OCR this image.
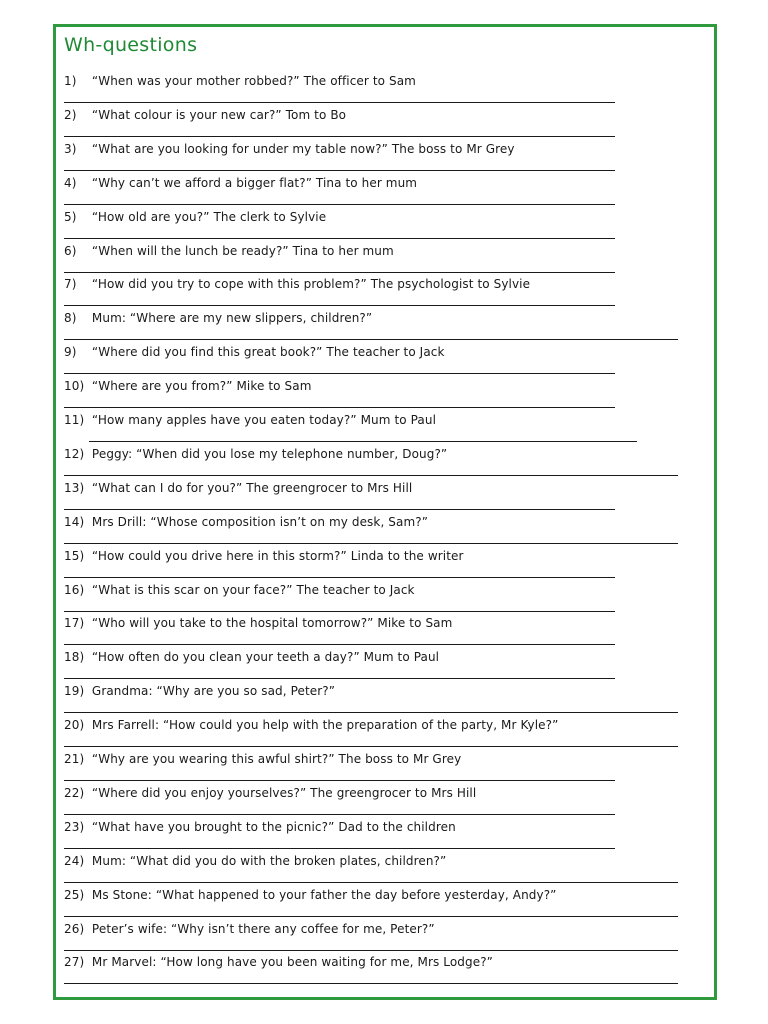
Wh-questions
1) “When was your mother robbed?” The officer to Sam
2) “What colour is your new car?” Tom to Bo
3) “What are you looking for under my table now?” The boss to Mr Grey
4) “Why can’t we afford a bigger flat?” Tina to her mum
5) “How old are you?” The clerk to Sylvie
6) “When will the lunch be ready?” Tina to her mum
7) “How did you try to cope with this problem?” The psychologist to Sylvie
8) Mum: “Where are my new slippers, children?”
9) “Where did you find this great book?” The teacher to Jack
10) “Where are you from?” Mike to Sam
11) “How many apples have you eaten today?” Mum to Paul
12) Peggy: “When did you lose my telephone number, Doug?”
13) “What can I do for you?” The greengrocer to Mrs Hill
14) Mrs Drill: “Whose composition isn’t on my desk, Sam?”
15) “How could you drive here in this storm?” Linda to the writer
16) “What is this scar on your face?” The teacher to Jack
17) “Who will you take to the hospital tomorrow?” Mike to Sam
18) “How often do you clean your teeth a day?” Mum to Paul
19) Grandma: “Why are you so sad, Peter?”
20) Mrs Farrell: “How could you help with the preparation of the party, Mr Kyle?”
21) “Why are you wearing this awful shirt?” The boss to Mr Grey
22) “Where did you enjoy yourselves?” The greengrocer to Mrs Hill
23) “What have you brought to the picnic?” Dad to the children
24) Mum: “What did you do with the broken plates, children?”
25) Ms Stone: “What happened to your father the day before yesterday, Andy?”
26) Peter’s wife: “Why isn’t there any coffee for me, Peter?”
27) Mr Marvel: “How long have you been waiting for me, Mrs Lodge?”
